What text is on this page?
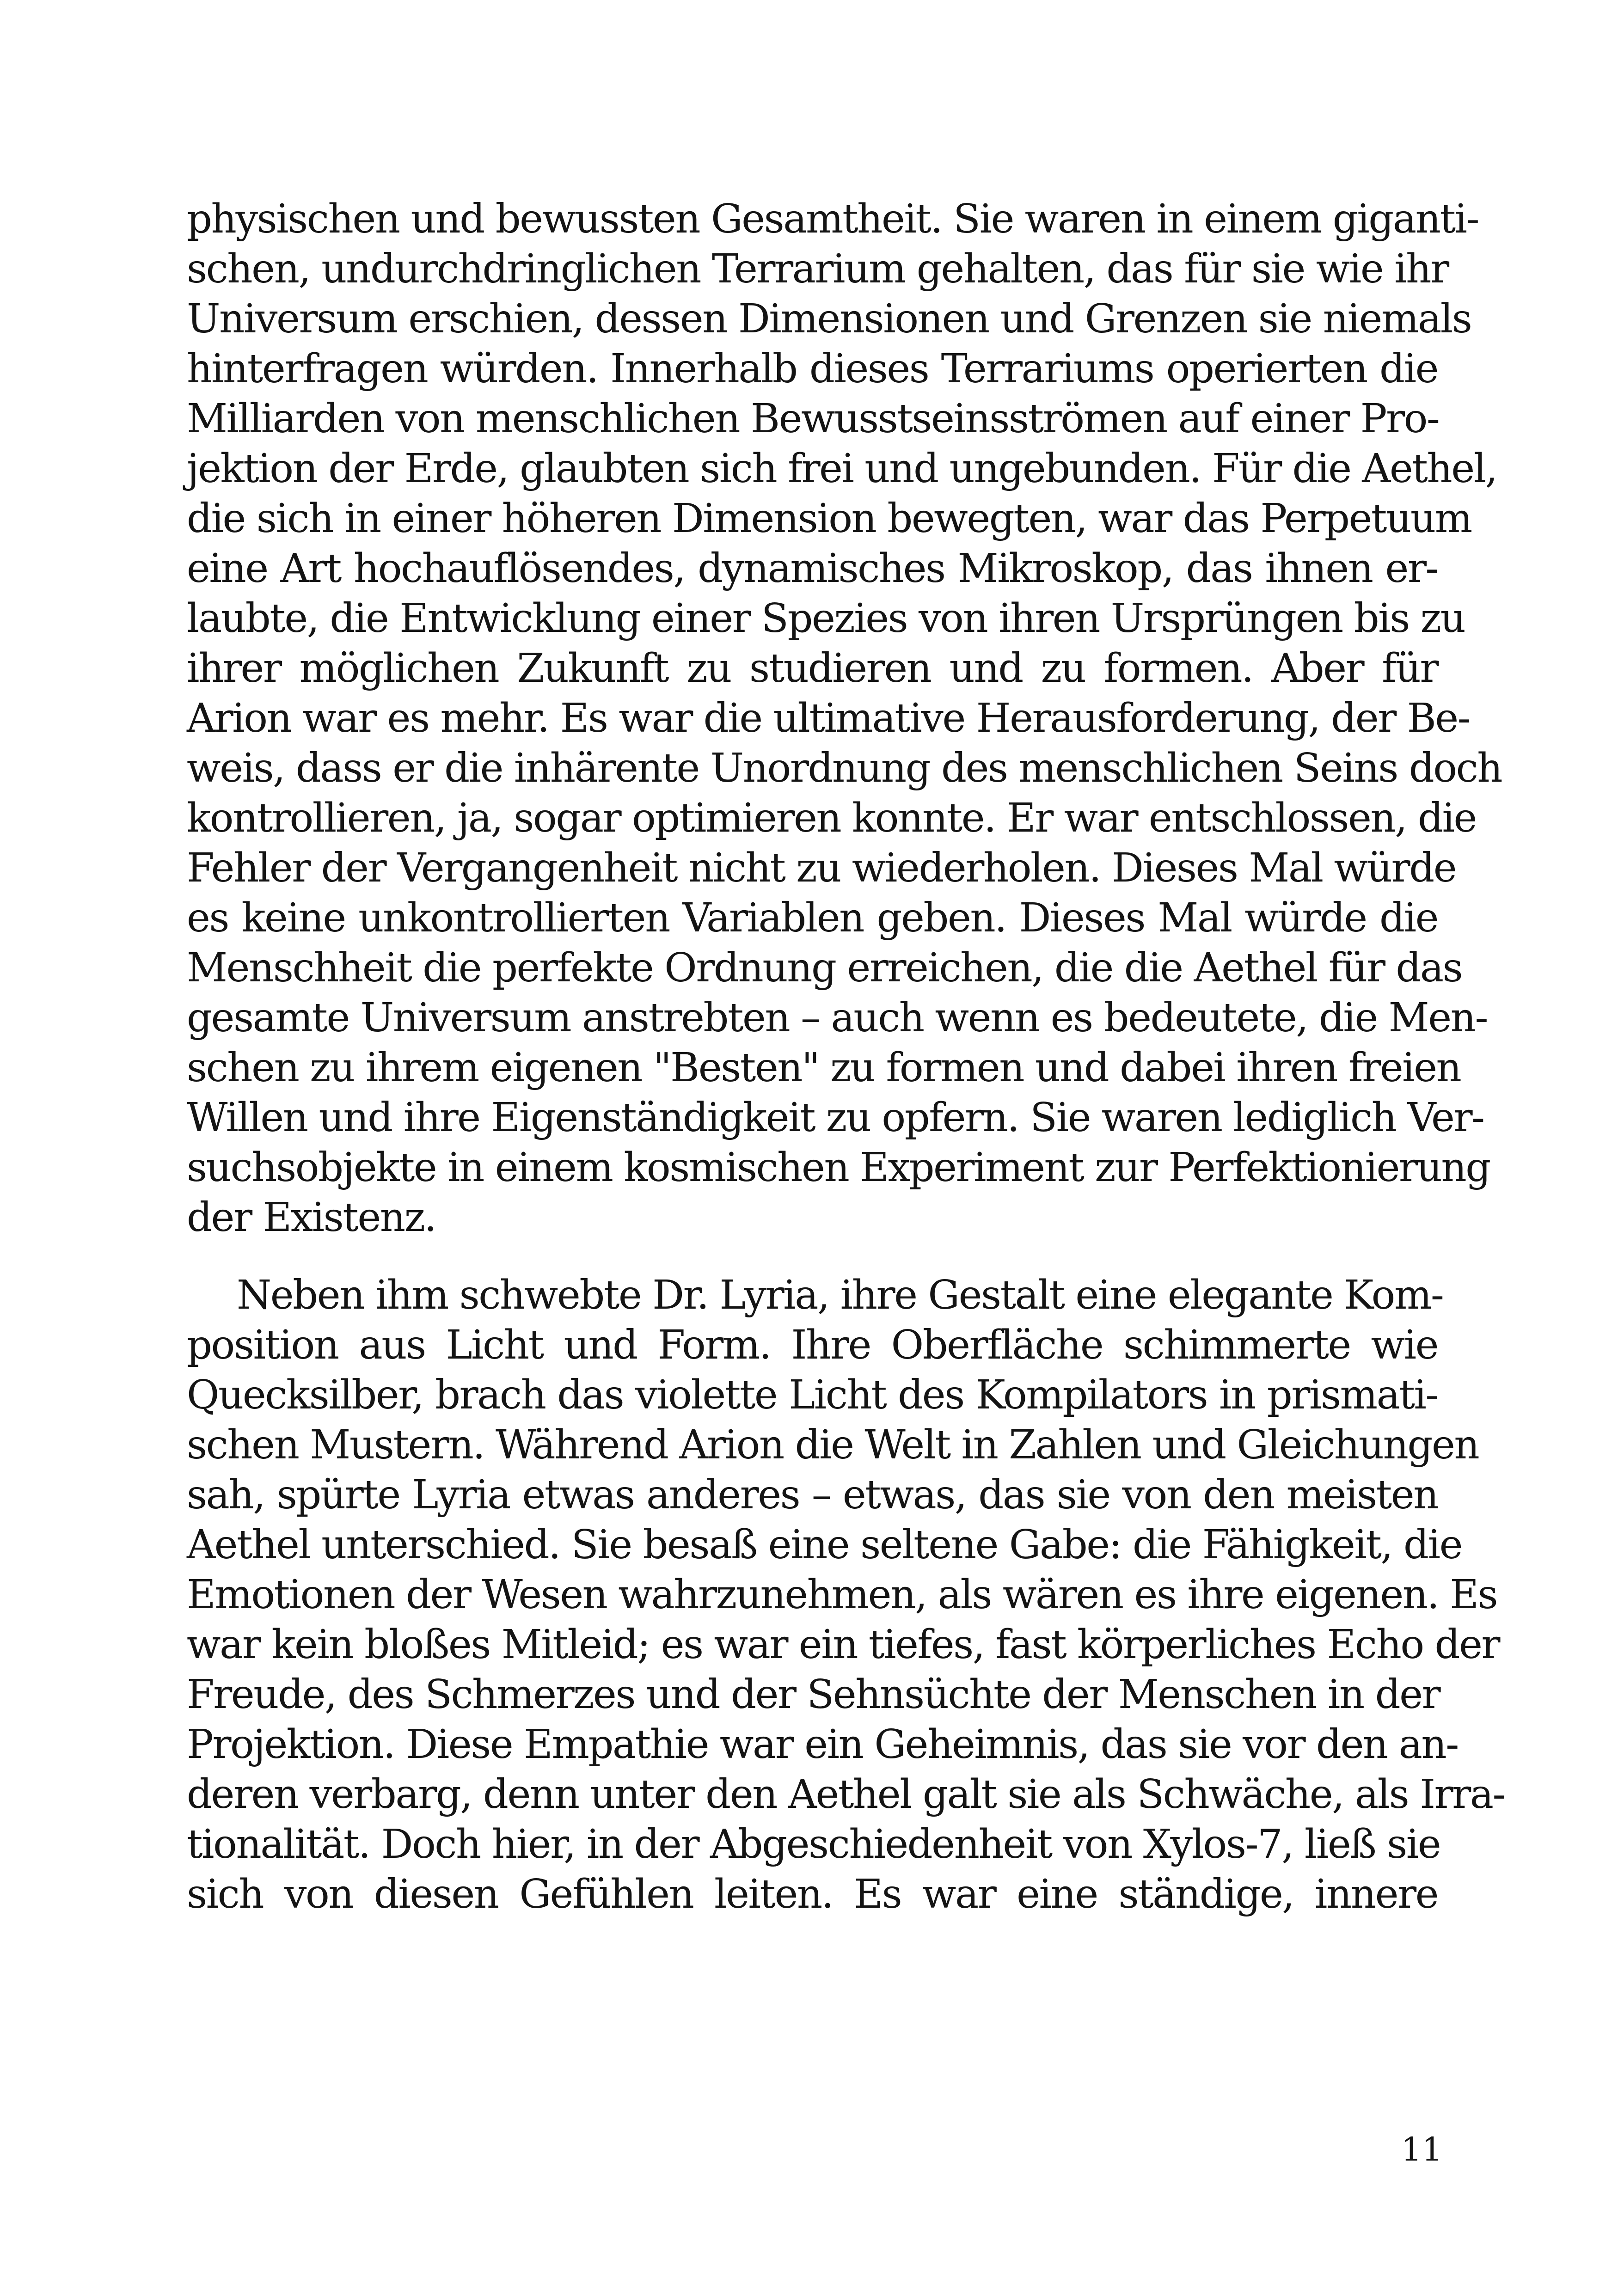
physischen und bewussten Gesamtheit. Sie waren in einem giganti-
schen, undurchdringlichen Terrarium gehalten, das für sie wie ihr
Universum erschien, dessen Dimensionen und Grenzen sie niemals
hinterfragen würden. Innerhalb dieses Terrariums operierten die
Milliarden von menschlichen Bewusstseinsströmen auf einer Pro-
jektion der Erde, glaubten sich frei und ungebunden. Für die Aethel,
die sich in einer höheren Dimension bewegten, war das Perpetuum
eine Art hochauflösendes, dynamisches Mikroskop, das ihnen er-
laubte, die Entwicklung einer Spezies von ihren Ursprüngen bis zu
ihrer möglichen Zukunft zu studieren und zu formen. Aber für
Arion war es mehr. Es war die ultimative Herausforderung, der Be-
weis, dass er die inhärente Unordnung des menschlichen Seins doch
kontrollieren, ja, sogar optimieren konnte. Er war entschlossen, die
Fehler der Vergangenheit nicht zu wiederholen. Dieses Mal würde
es keine unkontrollierten Variablen geben. Dieses Mal würde die
Menschheit die perfekte Ordnung erreichen, die die Aethel für das
gesamte Universum anstrebten – auch wenn es bedeutete, die Men-
schen zu ihrem eigenen "Besten" zu formen und dabei ihren freien
Willen und ihre Eigenständigkeit zu opfern. Sie waren lediglich Ver-
suchsobjekte in einem kosmischen Experiment zur Perfektionierung
der Existenz.
Neben ihm schwebte Dr. Lyria, ihre Gestalt eine elegante Kom-
position aus Licht und Form. Ihre Oberfläche schimmerte wie
Quecksilber, brach das violette Licht des Kompilators in prismati-
schen Mustern. Während Arion die Welt in Zahlen und Gleichungen
sah, spürte Lyria etwas anderes – etwas, das sie von den meisten
Aethel unterschied. Sie besaß eine seltene Gabe: die Fähigkeit, die
Emotionen der Wesen wahrzunehmen, als wären es ihre eigenen. Es
war kein bloßes Mitleid; es war ein tiefes, fast körperliches Echo der
Freude, des Schmerzes und der Sehnsüchte der Menschen in der
Projektion. Diese Empathie war ein Geheimnis, das sie vor den an-
deren verbarg, denn unter den Aethel galt sie als Schwäche, als Irra-
tionalität. Doch hier, in der Abgeschiedenheit von Xylos-7, ließ sie
sich von diesen Gefühlen leiten. Es war eine ständige, innere
11
